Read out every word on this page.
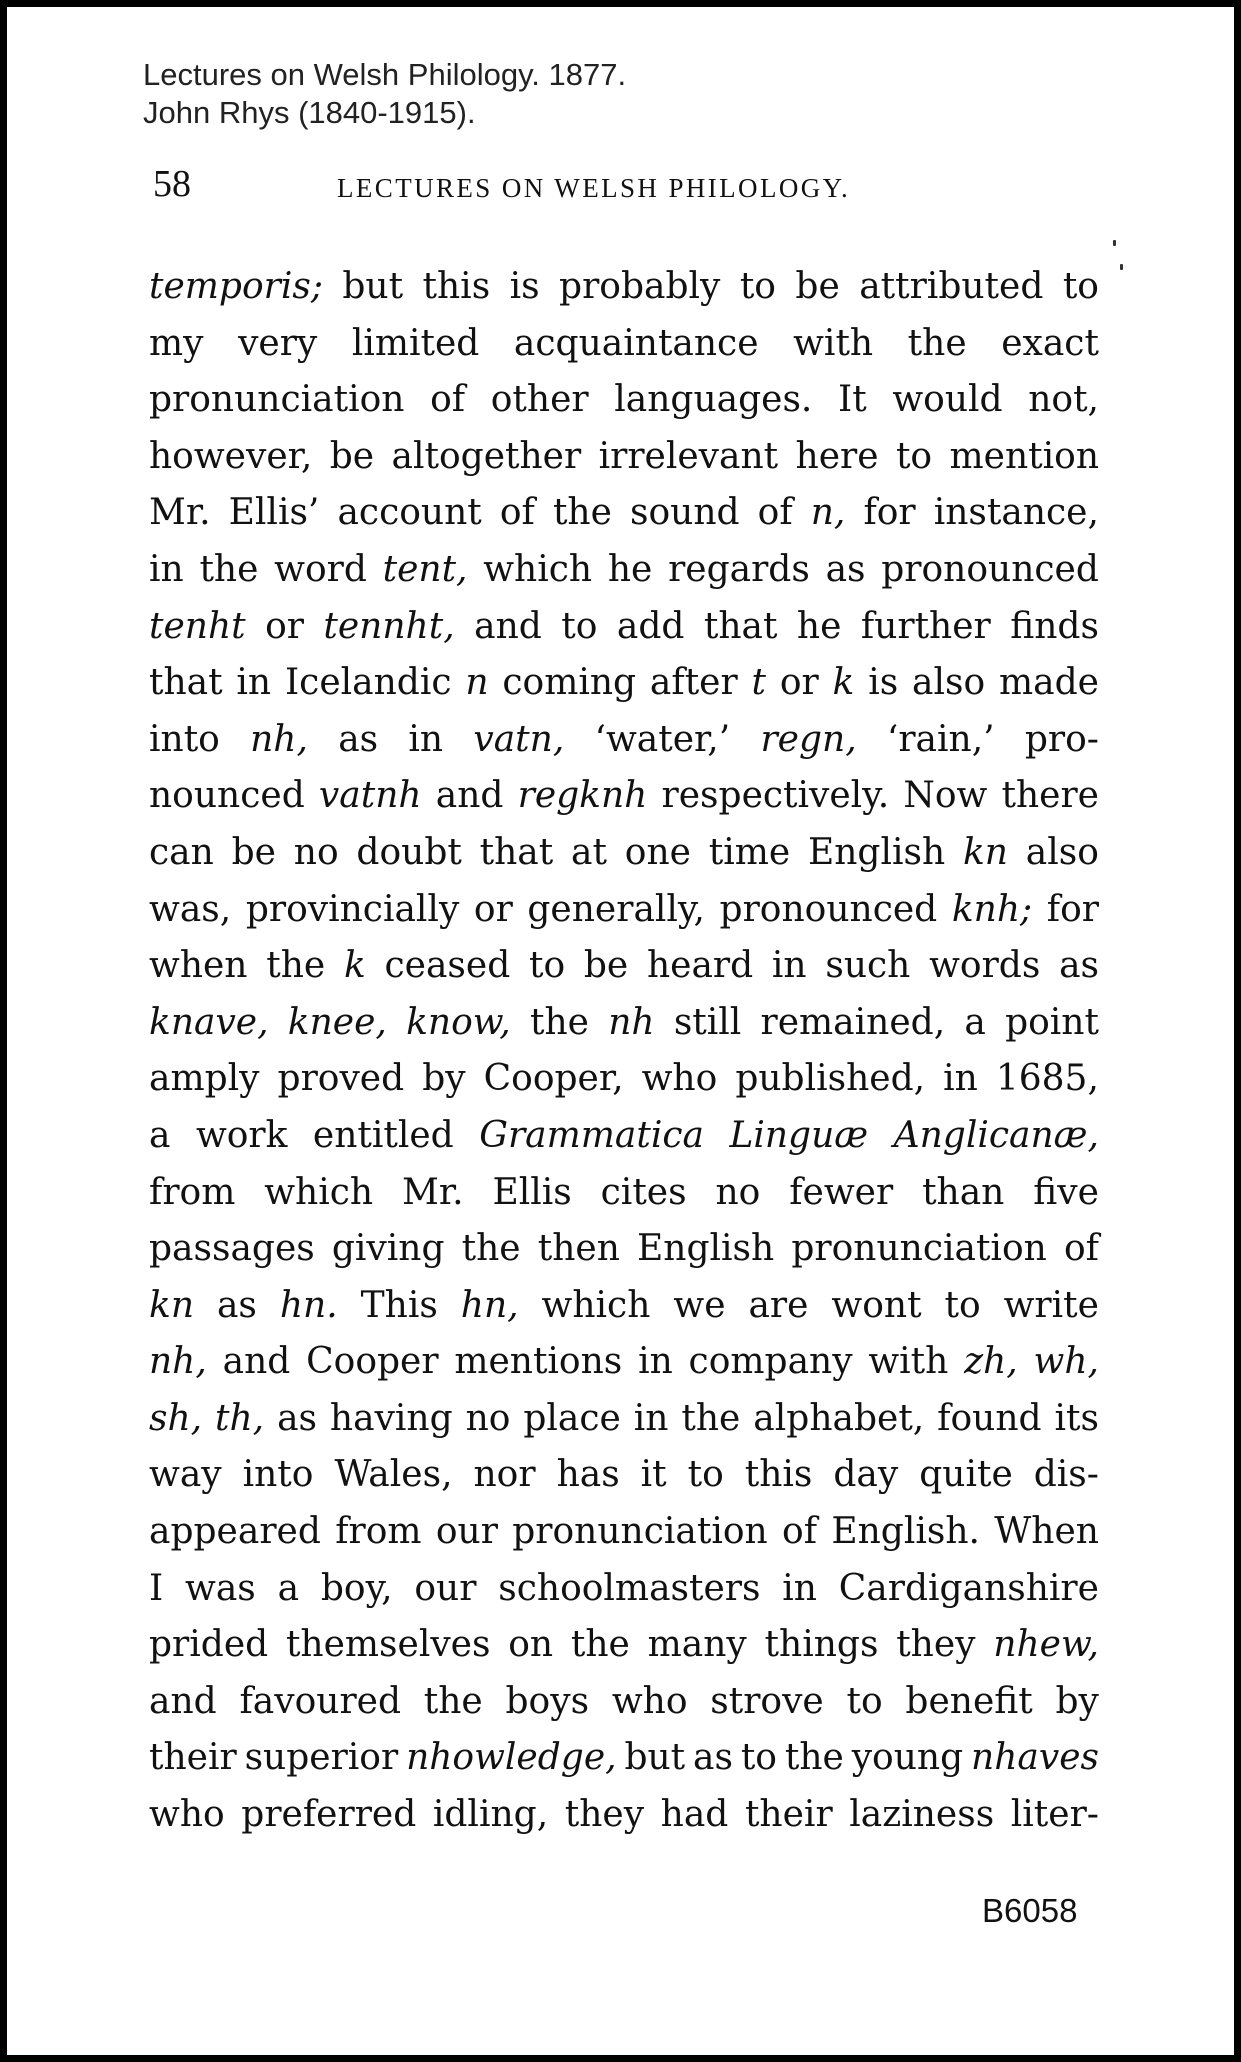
Lectures on Welsh Philology. 1877.
John Rhys (1840-1915).
58	LECTURES ON WELSH PHILOLOGY.
temporis; but this is probably to be attributed to
my very limited acquaintance with the exact
pronunciation of other languages. It would not,
however, be altogether irrelevant here to mention
Mr. Ellis’ account of the sound of n, for instance,
in the word tent, which he regards as pronounced
tenht or tennht, and to add that he further finds
that in Icelandic n coming after t or k is also made
into nh, as in vatn, ‘water,’ regn, ‘rain,’ pro-
nounced vatnh and regknh respectively. Now there
can be no doubt that at one time English kn also
was, provincially or generally, pronounced knh; for
when the k ceased to be heard in such words as
knave, knee, know, the nh still remained, a point
amply proved by Cooper, who published, in 1685,
a work entitled Grammatica Linguæ Anglicanæ,
from which Mr. Ellis cites no fewer than five
passages giving the then English pronunciation of
kn as hn. This hn, which we are wont to write
nh, and Cooper mentions in company with zh, wh,
sh, th, as having no place in the alphabet, found its
way into Wales, nor has it to this day quite dis-
appeared from our pronunciation of English. When
I was a boy, our schoolmasters in Cardiganshire
prided themselves on the many things they nhew,
and favoured the boys who strove to benefit by
their superior nhowledge, but as to the young nhaves
who preferred idling, they had their laziness liter-
B6058
